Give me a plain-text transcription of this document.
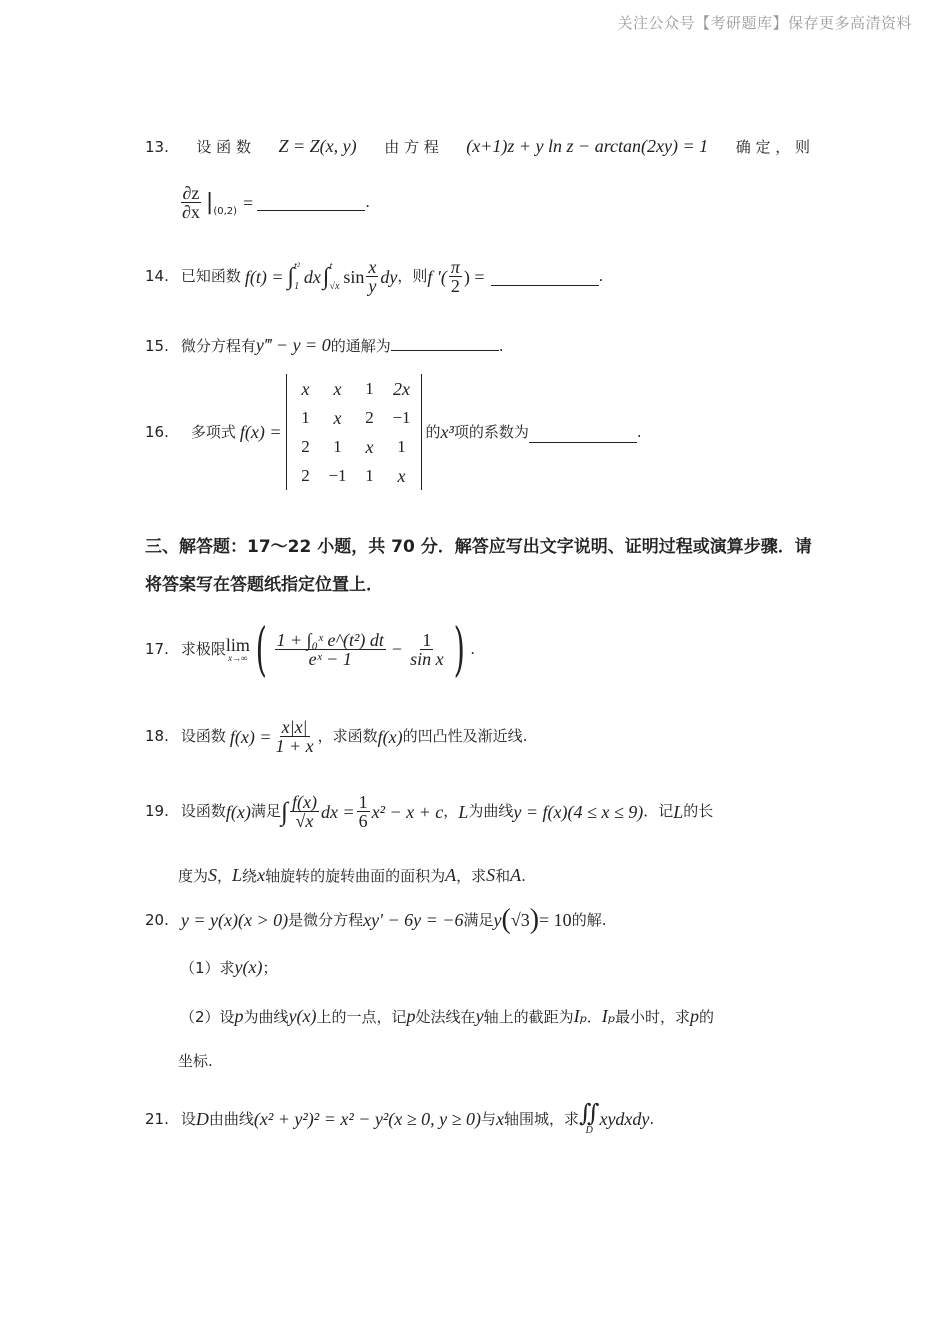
关注公众号【考研题库】保存更多高清资料
13. 设 函 数 Z = Z(x, y) 由 方 程 (x+1)z + y ln z − arctan(2xy) = 1 确 定 ， 则
$\frac{\partial z}{\partial x}$ | (0,2) =	.
14. 已知函数 f(t) = ∫ t²
1 dx ∫ t
√x $\sin \frac{x}{y}$ dy ，则 f ′( $\frac{\pi}{2}$ ) =	.
15. 微分方程有 y‴ − y = 0 的通解为	.
16. 多项式 f(x) =
x	x	1	2x
1	x	2	−1
2	1	x	1
2	−1	1	x
的 x³ 项的系数为	.
三、解答题：17～22 小题，共 70 分．解答应写出文字说明、证明过程或演算步骤．请将答案写在答题纸指定位置上．
17. 求极限 lim
x→∞ ( $\frac{\text{1 + ∫₀ˣ e\textasciicircum{}(t²) dt}}{\text{eˣ − 1}} - \frac{1}{\text{sin x}}$ ) .
18. 设函数 $f(x) = \frac{x|x|}{1 + x}$ ，求函数 f(x) 的凹凸性及渐近线 .
19. 设函数 f(x) 满足 ∫ $\frac{f(x)}{√x}$ dx = $\frac{1}{6} x^2 - x + c$ ， L 为曲线 y = f(x)(4 ≤ x ≤ 9) ．记 L 的长
度为 S ， L 绕 x 轴旋转的旋转曲面的面积为 A ，求 S 和 A .
20. y = y(x)(x > 0) 是微分方程 xy′ − 6y = −6 满足 y ( √3 ) = 10 的解 .
（1）求 y(x) ；
（2）设 p 为曲线 y(x) 上的一点，记 p 处法线在 y 轴上的截距为 Iₚ ． Iₚ 最小时，求 p 的
坐标.
21. 设 D 由曲线 (x² + y²)² = x² − y²(x ≥ 0, y ≥ 0) 与 x 轴围城，求 ∬
D
xydxdy .
